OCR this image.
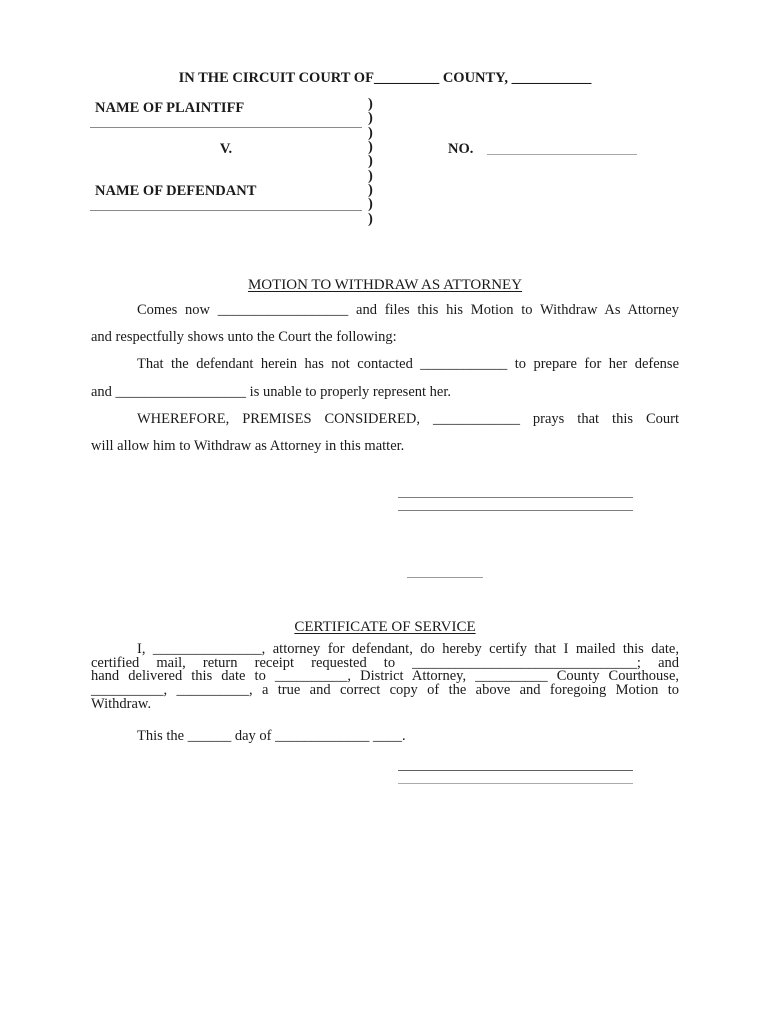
IN THE CIRCUIT COURT OF_________ COUNTY, ___________
NAME OF PLAINTIFF
V.
NAME OF DEFENDANT
)
)
)
)
)
)
)
)
)
NO.
MOTION TO WITHDRAW AS ATTORNEY
Comes now __________________ and files this his Motion to Withdraw As Attorney
and respectfully shows unto the Court the following:
That the defendant herein has not contacted ____________ to prepare for her defense
and __________________ is unable to properly represent her.
WHEREFORE, PREMISES CONSIDERED, ____________ prays that this Court
will allow him to Withdraw as Attorney in this matter.
CERTIFICATE OF SERVICE
I, _______________, attorney for defendant, do hereby certify that I mailed this date,
certified mail, return receipt requested to _______________________________; and
hand delivered this date to __________, District Attorney, __________ County Courthouse,
__________, __________, a true and correct copy of the above and foregoing Motion to
Withdraw.
This the ______ day of _____________ ____.
